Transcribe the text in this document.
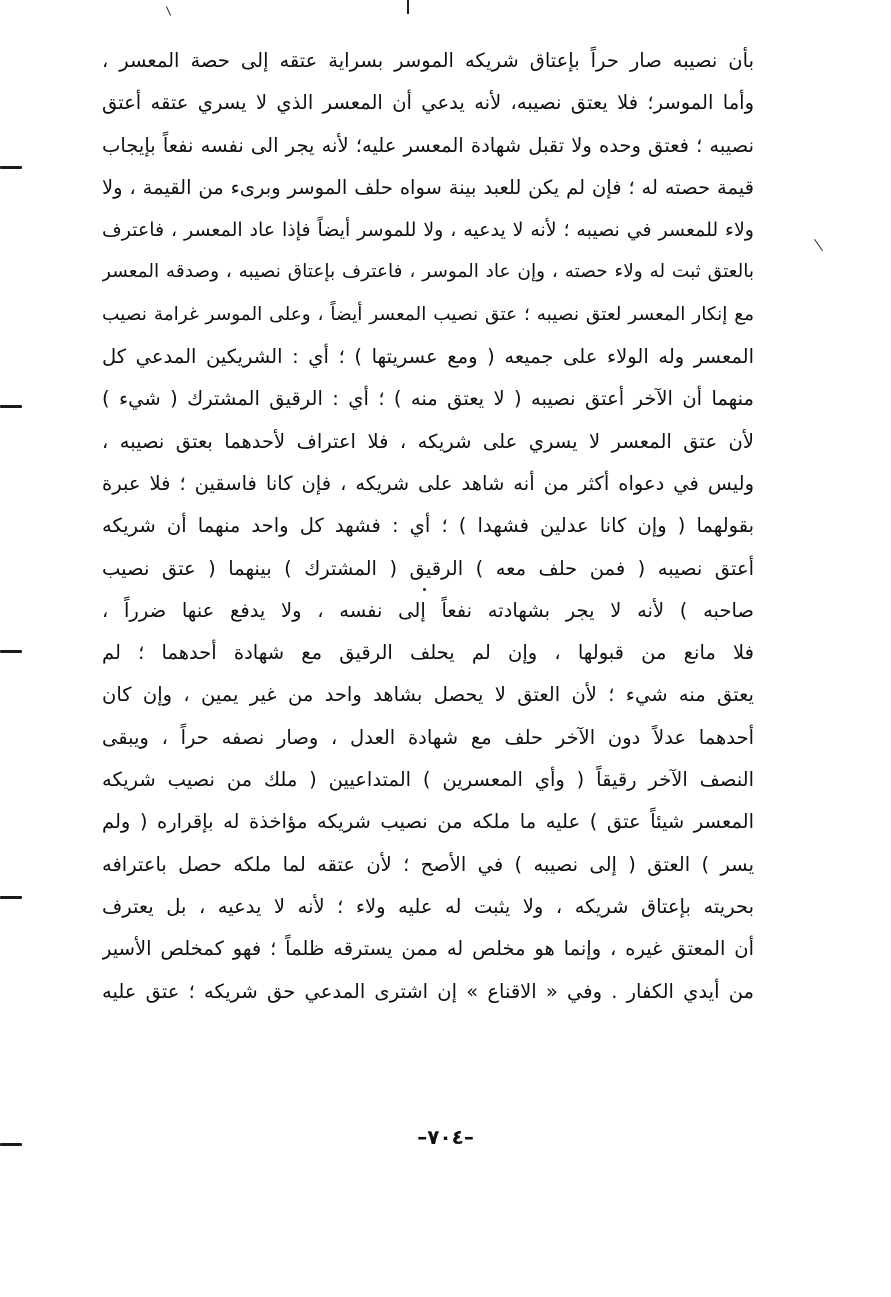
بأن نصيبه صار حراً بإعتاق شريكه الموسر بسراية عتقه إلى حصة المعسر ،
وأما الموسر؛ فلا يعتق نصيبه، لأنه يدعي أن المعسر الذي لا يسري عتقه أعتق
نصيبه ؛ فعتق وحده ولا تقبل شهادة المعسر عليه؛ لأنه يجر الى نفسه نفعاً بإيجاب
قيمة حصته له ؛ فإن لم يكن للعبد بينة سواه حلف الموسر وبرىء من القيمة ، ولا
ولاء للمعسر في نصيبه ؛ لأنه لا يدعيه ، ولا للموسر أيضاً فإذا عاد المعسر ، فاعترف
بالعتق ثبت له ولاء حصته ، وإن عاد الموسر ، فاعترف بإعتاق نصيبه ، وصدقه المعسر
مع إنكار المعسر لعتق نصيبه ؛ عتق نصيب المعسر أيضاً ، وعلى الموسر غرامة نصيب
المعسر وله الولاء على جميعه ( ومع عسريتها ) ؛ أي : الشريكين المدعي كل
منهما أن الآخر أعتق نصيبه ( لا يعتق منه ) ؛ أي : الرقيق المشترك ( شيء )
لأن عتق المعسر لا يسري على شريكه ، فلا اعتراف لأحدهما بعتق نصيبه ،
وليس في دعواه أكثر من أنه شاهد على شريكه ، فإن كانا فاسقين ؛ فلا عبرة
بقولهما ( وإن كانا عدلين فشهدا ) ؛ أي : فشهد كل واحد منهما أن شريكه
أعتق نصيبه ( فمن حلف معه ) الرقيق ( المشترك ) بينهما ( عتق نصيب
صاحبه ) لأنه لا يجر بشهادته نفعاً إلى نفسه ، ولا يدفع عنها ضرراً ،
فلا مانع من قبولها ، وإن لم يحلف الرقيق مع شهادة أحدهما ؛ لم
يعتق منه شيء ؛ لأن العتق لا يحصل بشاهد واحد من غير يمين ، وإن كان
أحدهما عدلاً دون الآخر حلف مع شهادة العدل ، وصار نصفه حراً ، ويبقى
النصف الآخر رقيقاً ( وأي المعسرين ) المتداعيين ( ملك من نصيب شريكه
المعسر شيئاً عتق ) عليه ما ملكه من نصيب شريكه مؤاخذة له بإقراره ( ولم
يسر ) العتق ( إلى نصيبه ) في الأصح ؛ لأن عتقه لما ملكه حصل باعترافه
بحريته بإعتاق شريكه ، ولا يثبت له عليه ولاء ؛ لأنه لا يدعيه ، بل يعترف
أن المعتق غيره ، وإنما هو مخلص له ممن يسترقه ظلماً ؛ فهو كمخلص الأسير
من أيدي الكفار . وفي « الاقناع » إن اشترى المدعي حق شريكه ؛ عتق عليه
–٧٠٤–
